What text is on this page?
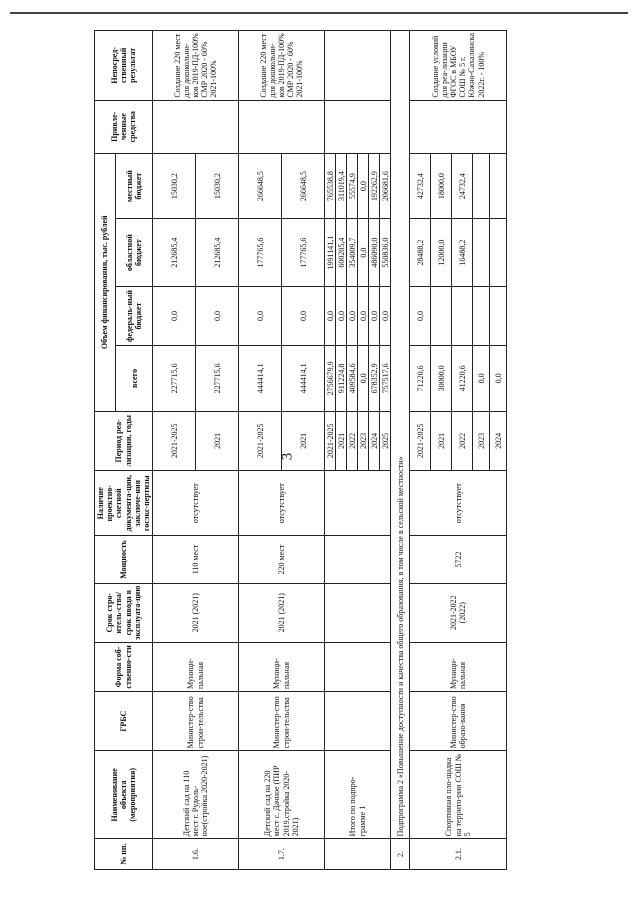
3
№ пп.	Наименование объекта (мероприятия)	ГРБС	Форма соб-ственно-сти	Срок стро-итель-ства/срок ввода в эксплуата-цию	Мощность	Наличие проектно-сметной документа-ции, заключе-ния госэкс-пертизы	Период реа-лизации, годы	Объем финансирования, тыс. рублей				Привле-ченные средства	Непосред-ственный результат
								всего	федераль-ный бюджет	областной бюджет	местный бюджет		
1.6.	Детский сад на 110 мест г. Рудоль-ное(стройка 2020-2021)	Министер-ство строи-тельства	Муници-пальная	2021 (2021)	110 мест	отсутствует	2021-2025	227715,6	0,0	212685,4	15030,2		Создание 220 мест для дошкольни-ков 2019-ПД-100% СМР 2020 - 60% 2021-100%
							2021	227715,6	0,0	212685,4	15030,2		
1.7.	Детский сад на 220 мест с. Дачное (ПИР 2019,стройка 2020-2021)	Министер-ство строи-тельства	Муници-пальная	2021 (2021)	220 мест	отсутствует	2021-2025	444414,1	0,0	177765,6	266648,5		Создание 220 мест для дошкольни-ков 2019-ПД-100% СМР 2020 - 60% 2021-100%
							2021	444414,1	0,0	177765,6	266648,5		
	Итого по подпро-грамме 1						2021-2025	2756679,9	0,0	1991141,1	765538,8		
							2021	911224,8	0,0	600205,4	311019,4		
							2022	409584,6	0,0	354009,7	55574,9		
							2023	0,0	0,0	0,0	0,0		
							2024	678352,9	0,0	486090,0	192262,9		
							2025	757517,6	0,0	550836,0	206681,6		
2.	Подпрограмма 2 «Повышение доступности и качества общего образования, в том числе в сельской местности»												
2.1.	Спортивная пло-щадка на террито-рии СОШ № 5	Министер-ство образо-вания	Муници-пальная	2021-2022 (2022)	5722	отсутствует	2021-2025	71220,6	0,0	28488,2	42732,4		Создание условий для реа-лизации ФГОС в МБОУ СОШ № 5 г. Южно-Сахалинска 2022г. - 100%
							2021	30000,0		12000,0	18000,0		
							2022	41220,6		16488,2	24732,4		
							2023	0,0					
							2024	0,0					
